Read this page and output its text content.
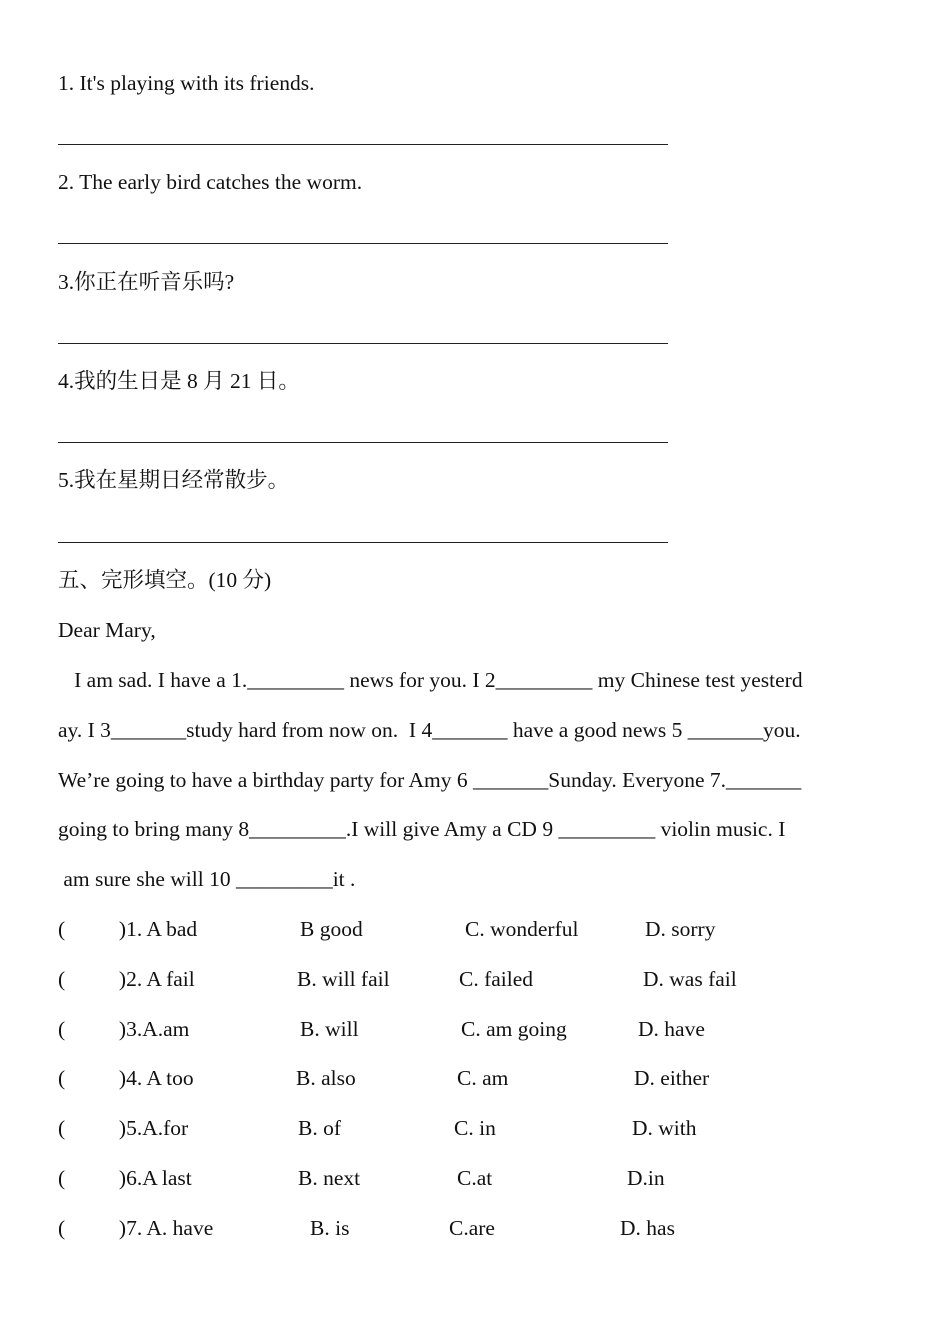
1. It's playing with its friends.
2. The early bird catches the worm.
3.你正在听音乐吗?
4.我的生日是 8 月 21 日。
5.我在星期日经常散步。
五、完形填空。(10 分)
Dear Mary,
I am sad. I have a 1._________ news for you. I 2_________ my Chinese test yesterd
ay. I 3_______study hard from now on.  I 4_______ have a good news 5 _______you.
We’re going to have a birthday party for Amy 6 _______Sunday. Everyone 7._______
going to bring many 8_________.I will give Amy a CD 9 _________ violin music. I
am sure she will 10 _________it .
(          )1. A bad	B good	C. wonderful	D. sorry
(          )2. A fail	B. will fail	C. failed	D. was fail
(          )3.A.am	B. will	C. am going	D. have
(          )4. A too	B. also	C. am	D. either
(          )5.A.for	B. of	C. in	D. with
(          )6.A last	B. next	C.at	D.in
(          )7. A. have	B. is	C.are	D. has
